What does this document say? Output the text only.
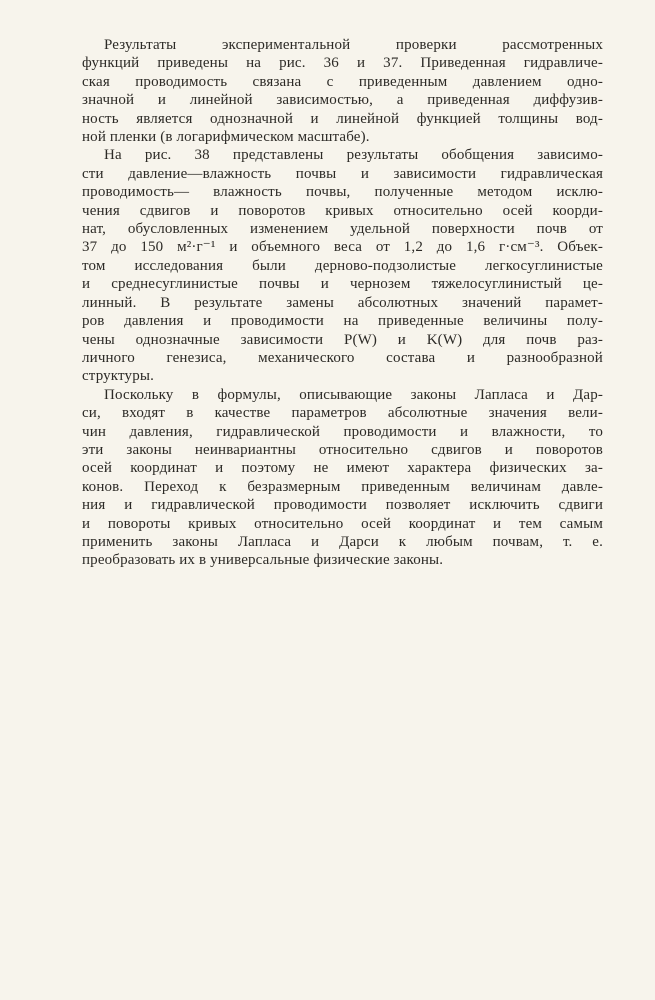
Результаты экспериментальной проверки рассмотренных
функций приведены на рис. 36 и 37. Приведенная гидравличе-
ская проводимость связана с приведенным давлением одно-
значной и линейной зависимостью, а приведенная диффузив-
ность является однозначной и линейной функцией толщины вод-
ной пленки (в логарифмическом масштабе).
На рис. 38 представлены результаты обобщения зависимо-
сти давление—влажность почвы и зависимости гидравлическая
проводимость— влажность почвы, полученные методом исклю-
чения сдвигов и поворотов кривых относительно осей коорди-
нат, обусловленных изменением удельной поверхности почв от
37 до 150 м²·г⁻¹ и объемного веса от 1,2 до 1,6 г·см⁻³. Объек-
том исследования были дерново-подзолистые легкосуглинистые
и среднесуглинистые почвы и чернозем тяжелосуглинистый це-
линный. В результате замены абсолютных значений парамет-
ров давления и проводимости на приведенные величины полу-
чены однозначные зависимости P(W) и K(W) для почв раз-
личного генезиса, механического состава и разнообразной
структуры.
Поскольку в формулы, описывающие законы Лапласа и Дар-
си, входят в качестве параметров абсолютные значения вели-
чин давления, гидравлической проводимости и влажности, то
эти законы неинвариантны относительно сдвигов и поворотов
осей координат и поэтому не имеют характера физических за-
конов. Переход к безразмерным приведенным величинам давле-
ния и гидравлической проводимости позволяет исключить сдвиги
и повороты кривых относительно осей координат и тем самым
применить законы Лапласа и Дарси к любым почвам, т. е.
преобразовать их в универсальные физические законы.
